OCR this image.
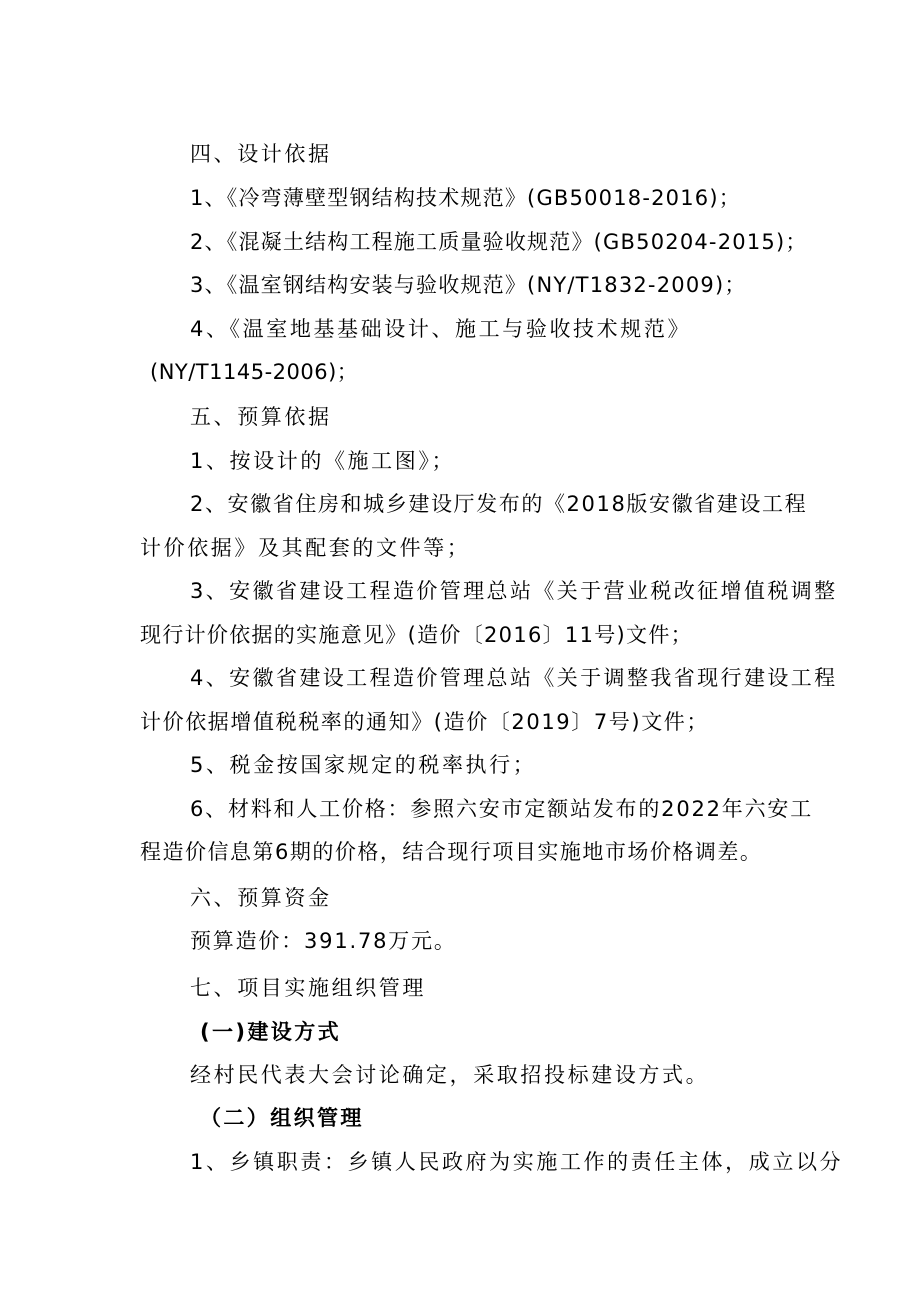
四、设计依据
1、《冷弯薄壁型钢结构技术规范》(GB50018-2016)；
2、《混凝土结构工程施工质量验收规范》(GB50204-2015)；
3、《温室钢结构安装与验收规范》(NY/T1832-2009)；
4、《温室地基基础设计、施工与验收技术规范》
(NY/T1145-2006)；
五、预算依据
1、按设计的《施工图》；
2、安徽省住房和城乡建设厅发布的《2018版安徽省建设工程
计价依据》及其配套的文件等；
3、安徽省建设工程造价管理总站《关于营业税改征增值税调整
现行计价依据的实施意见》(造价〔2016〕11号)文件；
4、安徽省建设工程造价管理总站《关于调整我省现行建设工程
计价依据增值税税率的通知》(造价〔2019〕7号)文件；
5、税金按国家规定的税率执行；
6、材料和人工价格：参照六安市定额站发布的2022年六安工
程造价信息第6期的价格，结合现行项目实施地市场价格调差。
六、预算资金
预算造价：391.78万元。
七、项目实施组织管理
(一)建设方式
经村民代表大会讨论确定，采取招投标建设方式。
（二）组织管理
1、乡镇职责：乡镇人民政府为实施工作的责任主体，成立以分
